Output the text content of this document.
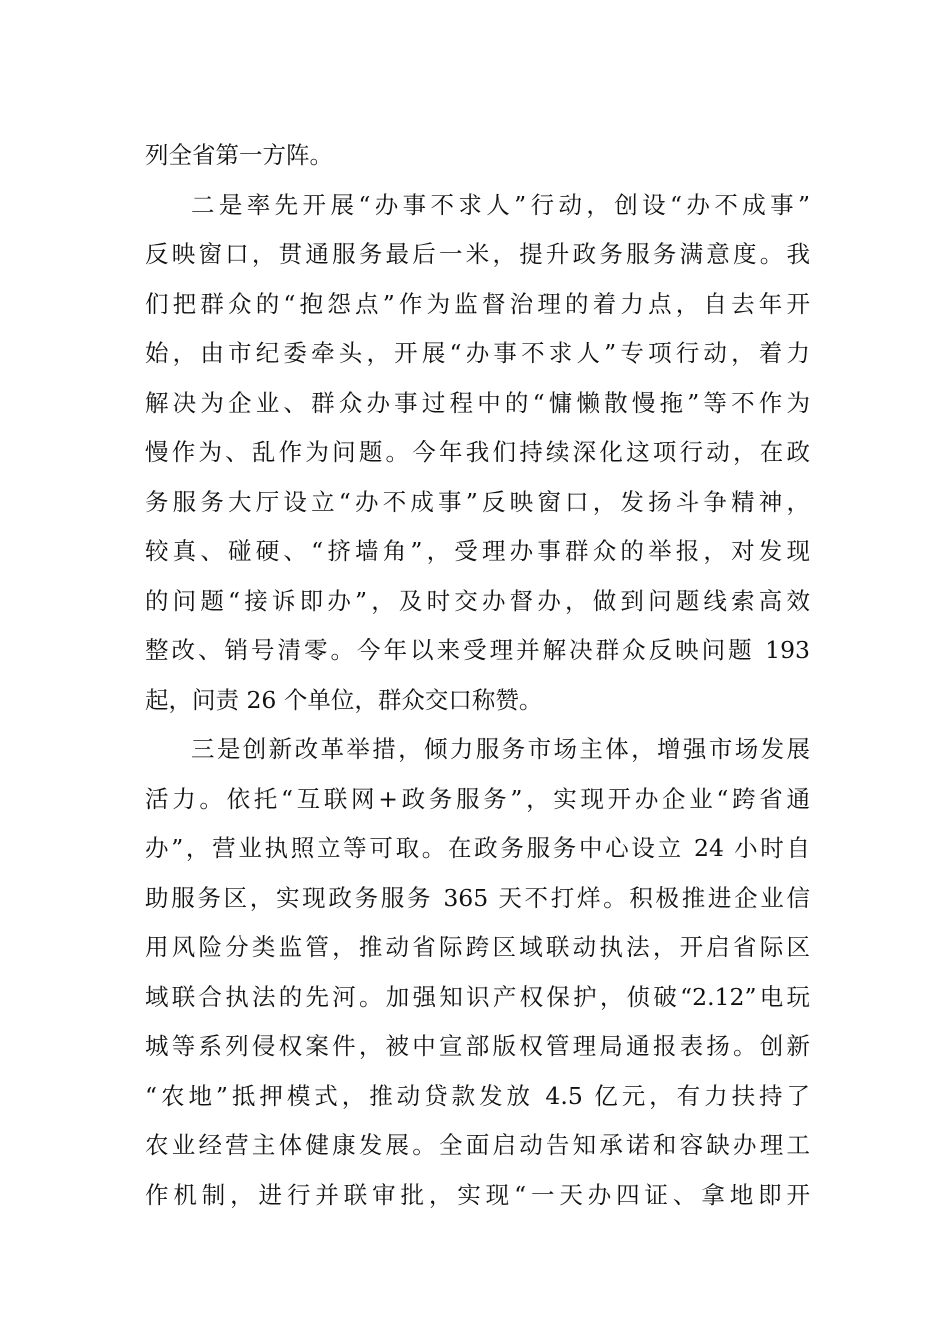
列全省第一方阵。
二是率先开展“办事不求人”行动，创设“办不成事”
反映窗口，贯通服务最后一米，提升政务服务满意度。我
们把群众的“抱怨点”作为监督治理的着力点，自去年开
始，由市纪委牵头，开展“办事不求人”专项行动，着力
解决为企业、群众办事过程中的“慵懒散慢拖”等不作为
慢作为、乱作为问题。今年我们持续深化这项行动，在政
务服务大厅设立“办不成事”反映窗口，发扬斗争精神，
较真、碰硬、“挤墙角”，受理办事群众的举报，对发现
的问题“接诉即办”，及时交办督办，做到问题线索高效
整改、销号清零。今年以来受理并解决群众反映问题 193
起，问责 26 个单位，群众交口称赞。
三是创新改革举措，倾力服务市场主体，增强市场发展
活力。依托“互联网+政务服务”，实现开办企业“跨省通
办”，营业执照立等可取。在政务服务中心设立 24 小时自
助服务区，实现政务服务 365 天不打烊。积极推进企业信
用风险分类监管，推动省际跨区域联动执法，开启省际区
域联合执法的先河。加强知识产权保护，侦破“2.12”电玩
城等系列侵权案件，被中宣部版权管理局通报表扬。创新
“农地”抵押模式，推动贷款发放 4.5 亿元，有力扶持了
农业经营主体健康发展。全面启动告知承诺和容缺办理工
作机制，进行并联审批，实现“一天办四证、拿地即开
